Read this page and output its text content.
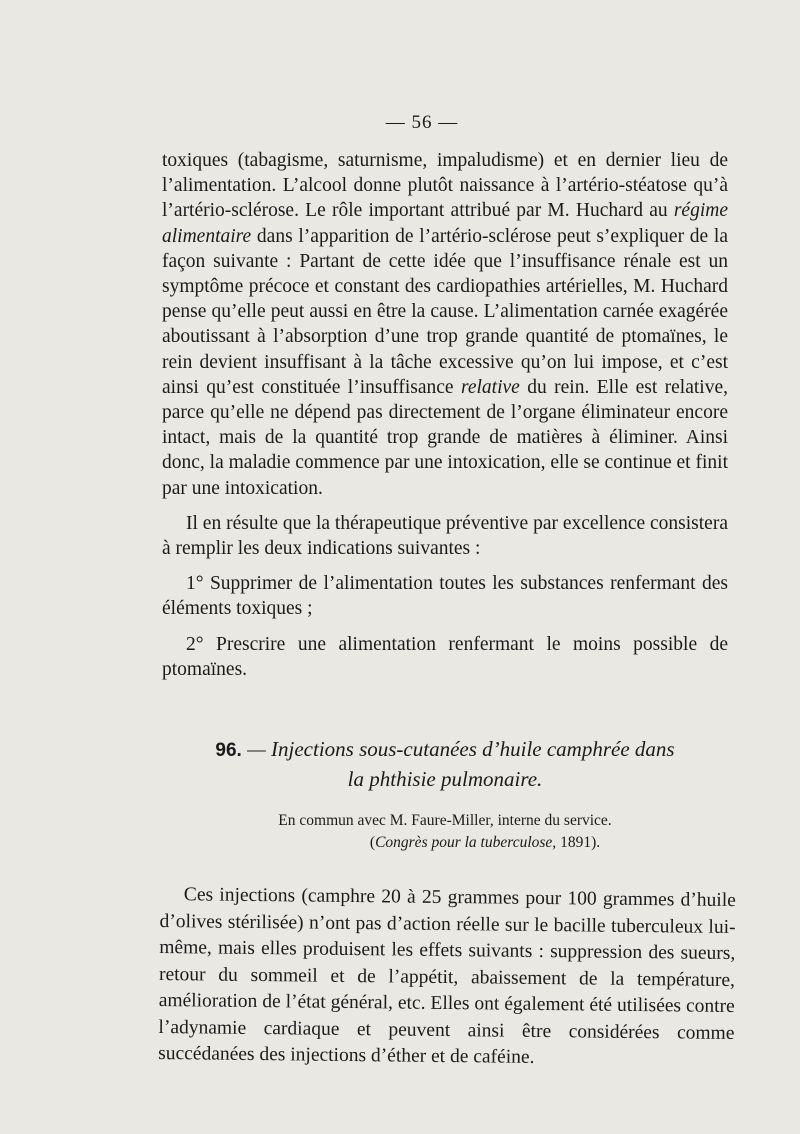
— 56 —

toxiques (tabagisme, saturnisme, impaludisme) et en dernier lieu de l’alimentation. L’alcool donne plutôt naissance à l’artério-stéatose qu’à l’artério-sclérose. Le rôle important attribué par M. Huchard au régime alimentaire dans l’apparition de l’artério-sclérose peut s’expliquer de la façon suivante : Partant de cette idée que l’insuffisance rénale est un symptôme précoce et constant des cardiopathies artérielles, M. Huchard pense qu’elle peut aussi en être la cause. L’alimentation carnée exagérée aboutissant à l’absorption d’une trop grande quantité de ptomaïnes, le rein devient insuffisant à la tâche excessive qu’on lui impose, et c’est ainsi qu’est constituée l’insuffisance relative du rein. Elle est relative, parce qu’elle ne dépend pas directement de l’organe éliminateur encore intact, mais de la quantité trop grande de matières à éliminer. Ainsi donc, la maladie commence par une intoxication, elle se continue et finit par une intoxication.

Il en résulte que la thérapeutique préventive par excellence consistera à remplir les deux indications suivantes :

1° Supprimer de l’alimentation toutes les substances renfermant des éléments toxiques ;

2° Prescrire une alimentation renfermant le moins possible de ptomaïnes.

96. — Injections sous-cutanées d’huile camphrée dans
la phthisie pulmonaire.

En commun avec M. Faure-Miller, interne du service.

(Congrès pour la tuberculose, 1891).

Ces injections (camphre 20 à 25 grammes pour 100 grammes d’huile d’olives stérilisée) n’ont pas d’action réelle sur le bacille tuberculeux lui-même, mais elles produisent les effets suivants : suppression des sueurs, retour du sommeil et de l’appétit, abaissement de la température, amélioration de l’état général, etc. Elles ont également été utilisées contre l’adynamie cardiaque et peuvent ainsi être considérées comme succédanées des injections d’éther et de caféine.
